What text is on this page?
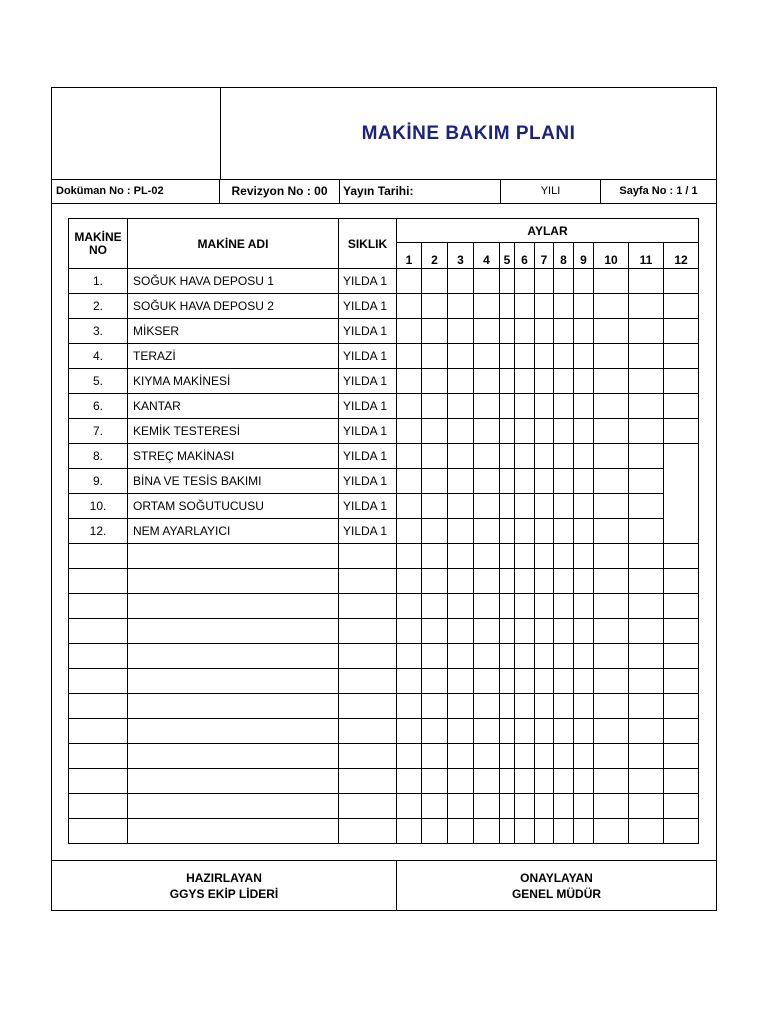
MAKİNE BAKIM PLANI
Doküman No : PL-02	Revizyon No : 00	Yayın Tarihi:	YILI	Sayfa No : 1 / 1
MAKİNE
NO	MAKİNE ADI	SIKLIK	AYLAR											
			1	2	3	4	5	6	7	8	9	10	11	12
1.	SOĞUK HAVA DEPOSU 1	YILDA 1												
2.	SOĞUK HAVA DEPOSU 2	YILDA 1												
3.	MİKSER	YILDA 1												
4.	TERAZİ	YILDA 1												
5.	KIYMA MAKİNESİ	YILDA 1												
6.	KANTAR	YILDA 1												
7.	KEMİK TESTERESİ	YILDA 1												
8.	STREÇ MAKİNASI	YILDA 1												
9.	BİNA VE TESİS BAKIMI	YILDA 1												
10.	ORTAM SOĞUTUCUSU	YILDA 1												
12.	NEM AYARLAYICI	YILDA 1												

HAZIRLAYAN
GGYS EKİP LİDERİ
ONAYLAYAN
GENEL MÜDÜR
